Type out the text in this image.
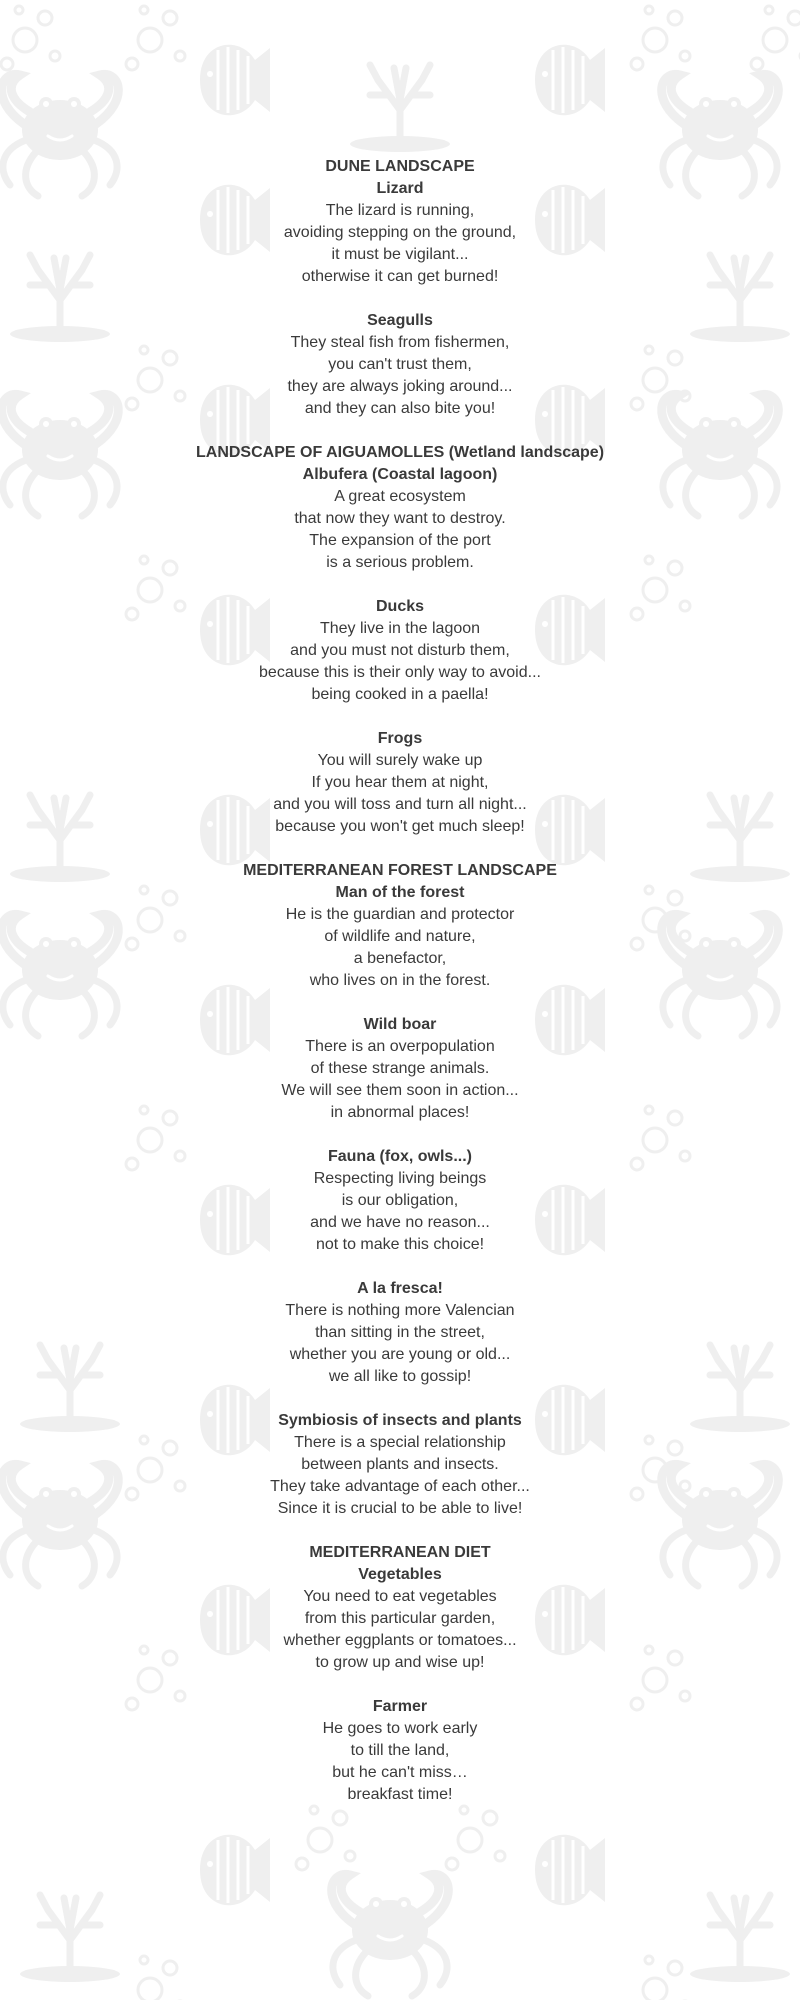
DUNE LANDSCAPE
Lizard
The lizard is running,
avoiding stepping on the ground,
it must be vigilant...
otherwise it can get burned!
Seagulls
They steal fish from fishermen,
you can't trust them,
they are always joking around...
and they can also bite you!
LANDSCAPE OF AIGUAMOLLES (Wetland landscape)
Albufera (Coastal lagoon)
A great ecosystem
that now they want to destroy.
The expansion of the port
is a serious problem.
Ducks
They live in the lagoon
and you must not disturb them,
because this is their only way to avoid...
being cooked in a paella!
Frogs
You will surely wake up
If you hear them at night,
and you will toss and turn all night...
because you won't get much sleep!
MEDITERRANEAN FOREST LANDSCAPE
Man of the forest
He is the guardian and protector
of wildlife and nature,
a benefactor,
who lives on in the forest.
Wild boar
There is an overpopulation
of these strange animals.
We will see them soon in action...
in abnormal places!
Fauna (fox, owls...)
Respecting living beings
is our obligation,
and we have no reason...
not to make this choice!
A la fresca!
There is nothing more Valencian
than sitting in the street,
whether you are young or old...
we all like to gossip!
Symbiosis of insects and plants
There is a special relationship
between plants and insects.
They take advantage of each other...
Since it is crucial to be able to live!
MEDITERRANEAN DIET
Vegetables
You need to eat vegetables
from this particular garden,
whether eggplants or tomatoes...
to grow up and wise up!
Farmer
He goes to work early
to till the land,
but he can't miss…
breakfast time!
